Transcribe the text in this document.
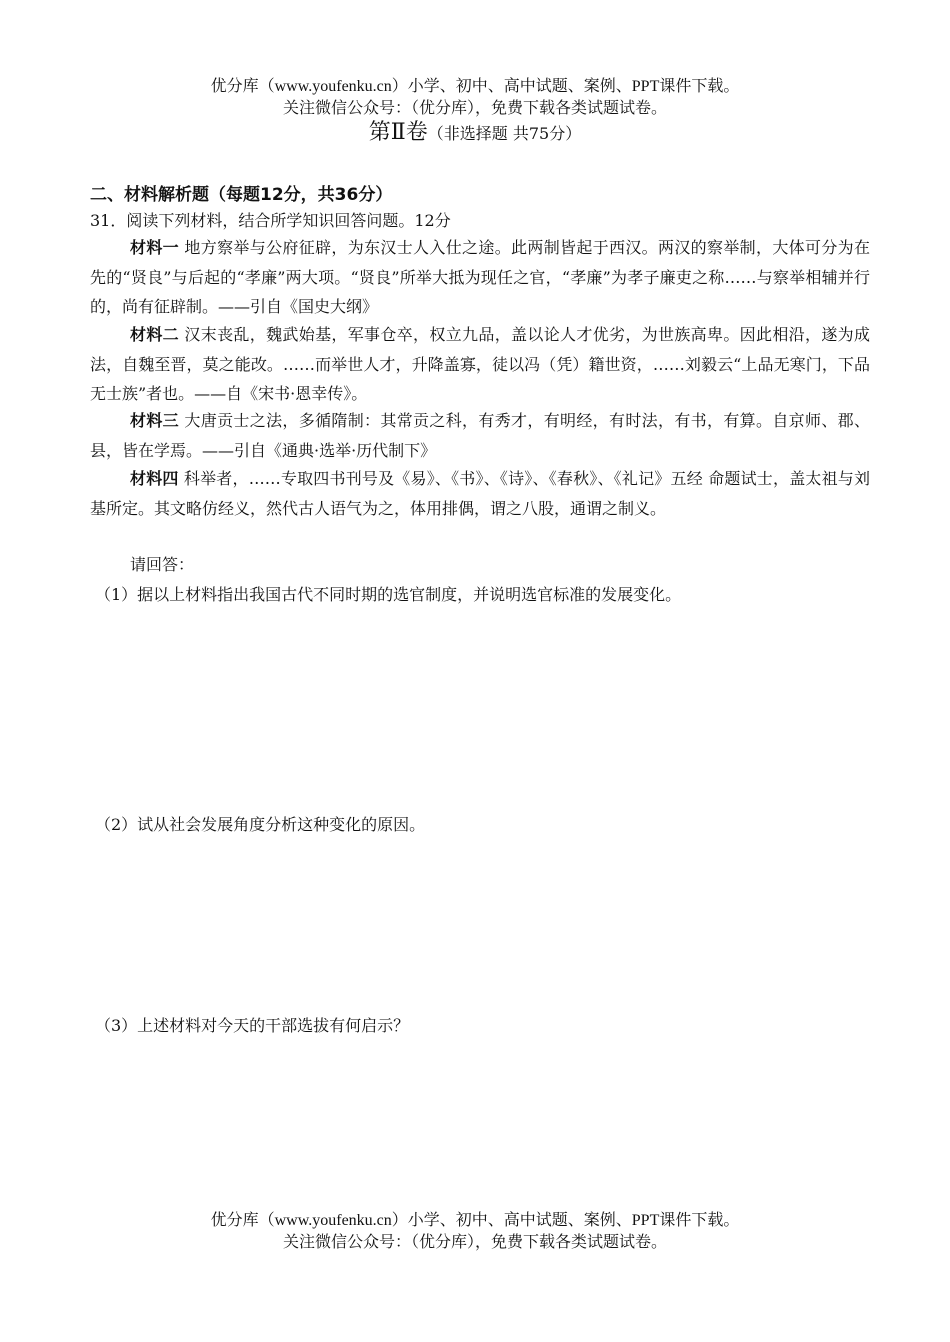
优分库（www.youfenku.cn）小学、初中、高中试题、案例、PPT课件下载。
关注微信公众号：（优分库），免费下载各类试题试卷。
第Ⅱ卷（非选择题 共75分）
二、材料解析题（每题12分，共36分）
31．阅读下列材料，结合所学知识回答问题。12分
材料一 地方察举与公府征辟，为东汉士人入仕之途。此两制皆起于西汉。两汉的察举制，大体可分为在先的“贤良”与后起的“孝廉”两大项。“贤良”所举大抵为现任之官，“孝廉”为孝子廉吏之称……与察举相辅并行的，尚有征辟制。——引自《国史大纲》
材料二 汉末丧乱，魏武始基，军事仓卒，权立九品，盖以论人才优劣，为世族高卑。因此相沿，遂为成法，自魏至晋，莫之能改。……而举世人才，升降盖寡，徒以冯（凭）籍世资，……刘毅云“上品无寒门，下品无士族”者也。——自《宋书·恩幸传》。
材料三 大唐贡士之法，多循隋制：其常贡之科，有秀才，有明经，有时法，有书，有算。自京师、郡、县，皆在学焉。——引自《通典·选举·历代制下》
材料四 科举者，……专取四书刊号及《易》、《书》、《诗》、《春秋》、《礼记》五经 命题试士，盖太祖与刘基所定。其文略仿经义，然代古人语气为之，体用排偶，谓之八股，通谓之制义。
请回答：
（1）据以上材料指出我国古代不同时期的选官制度，并说明选官标准的发展变化。
（2）试从社会发展角度分析这种变化的原因。
（3）上述材料对今天的干部选拔有何启示？
优分库（www.youfenku.cn）小学、初中、高中试题、案例、PPT课件下载。
关注微信公众号：（优分库），免费下载各类试题试卷。
